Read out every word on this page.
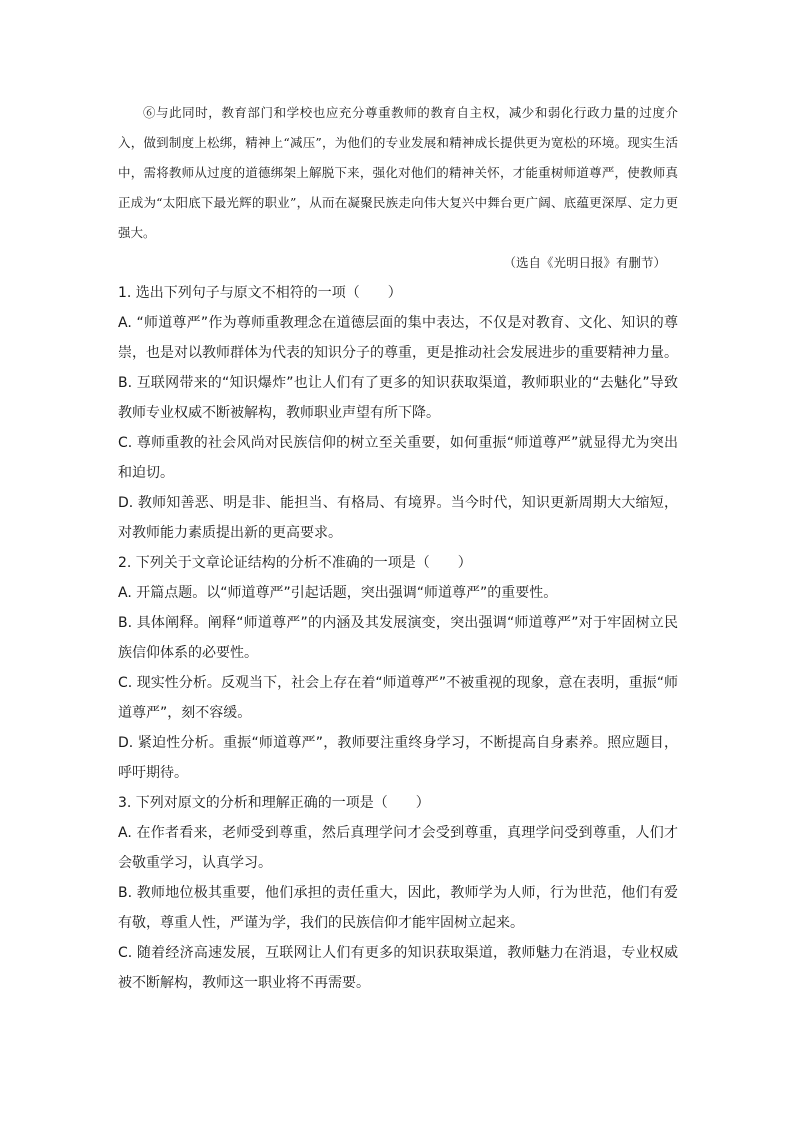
⑥与此同时，教育部门和学校也应充分尊重教师的教育自主权，减少和弱化行政力量的过度介入，做到制度上松绑，精神上“减压”，为他们的专业发展和精神成长提供更为宽松的环境。现实生活中，需将教师从过度的道德绑架上解脱下来，强化对他们的精神关怀，才能重树师道尊严，使教师真正成为“太阳底下最光辉的职业”，从而在凝聚民族走向伟大复兴中舞台更广阔、底蕴更深厚、定力更强大。

（选自《光明日报》有删节）

1. 选出下列句子与原文不相符的一项（　　）

A. “师道尊严”作为尊师重教理念在道德层面的集中表达，不仅是对教育、文化、知识的尊崇，也是对以教师群体为代表的知识分子的尊重，更是推动社会发展进步的重要精神力量。

B. 互联网带来的“知识爆炸”也让人们有了更多的知识获取渠道，教师职业的“去魅化”导致教师专业权威不断被解构，教师职业声望有所下降。

C. 尊师重教的社会风尚对民族信仰的树立至关重要，如何重振“师道尊严”就显得尤为突出和迫切。

D. 教师知善恶、明是非、能担当、有格局、有境界。当今时代，知识更新周期大大缩短，对教师能力素质提出新的更高要求。

2. 下列关于文章论证结构的分析不准确的一项是（　　）

A. 开篇点题。以“师道尊严”引起话题，突出强调“师道尊严”的重要性。

B. 具体阐释。阐释“师道尊严”的内涵及其发展演变，突出强调“师道尊严”对于牢固树立民族信仰体系的必要性。

C. 现实性分析。反观当下，社会上存在着“师道尊严”不被重视的现象，意在表明，重振“师道尊严”，刻不容缓。

D. 紧迫性分析。重振“师道尊严”，教师要注重终身学习，不断提高自身素养。照应题目，呼吁期待。

3. 下列对原文的分析和理解正确的一项是（　　）

A. 在作者看来，老师受到尊重，然后真理学问才会受到尊重，真理学问受到尊重，人们才会敬重学习，认真学习。

B. 教师地位极其重要，他们承担的责任重大，因此，教师学为人师，行为世范，他们有爱有敬，尊重人性，严谨为学，我们的民族信仰才能牢固树立起来。

C. 随着经济高速发展，互联网让人们有更多的知识获取渠道，教师魅力在消退，专业权威被不断解构，教师这一职业将不再需要。
